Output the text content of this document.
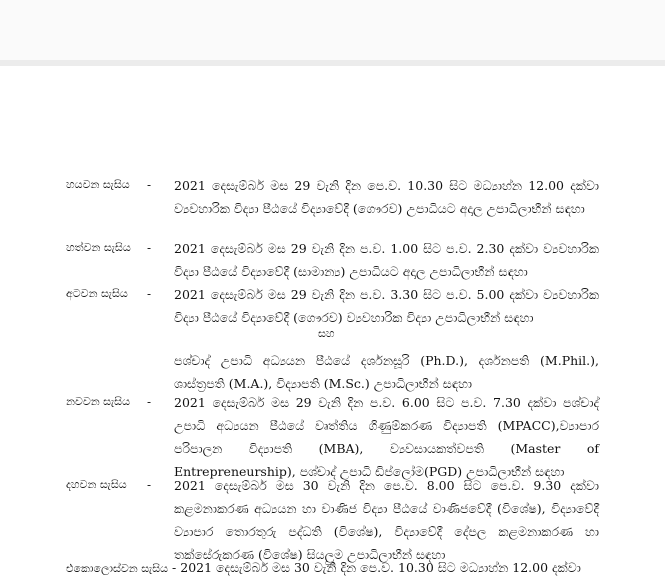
හයවන සැසිය - 2021 දෙසැම්බර් මස 29 වැනි දින පෙ.ව. 10.30 සිට මධ්‍යාහ්න 12.00 දක්වා ව්‍යවහාරික විද්‍යා පීඨයේ විද්‍යාවේදී (ගෞරව) උපාධියට අදාල උපාධිලාභීන් සඳහා
හත්වන සැසිය - 2021 දෙසැම්බර් මස 29 වැනි දින ප.ව. 1.00 සිට ප.ව. 2.30 දක්වා ව්‍යවහාරික විද්‍යා පීඨයේ විද්‍යාවේදී (සාමාන්‍ය) උපාධියට අදාල උපාධිලාභීන් සඳහා
අටවන සැසිය - 2021 දෙසැම්බර් මස 29 වැනි දින ප.ව. 3.30 සිට ප.ව. 5.00 දක්වා ව්‍යවහාරික විද්‍යා පීඨයේ විද්‍යාවේදී (ගෞරව) ව්‍යවහාරික විද්‍යා උපාධිලාභීන් සඳහා
සහ
පශ්චාද් උපාධි අධ්‍යයන පීඨයේ දර්ශනසූරි (Ph.D.), දර්ශනපති (M.Phil.), ශාස්ත්‍රපති (M.A.), විද්‍යාපති (M.Sc.) උපාධිලාභීන් සඳහා
නවවන සැසිය - 2021 දෙසැම්බර් මස 29 වැනි දින ප.ව. 6.00 සිට ප.ව. 7.30 දක්වා පශ්චාද් උපාධි අධ්‍යයන පීඨයේ වෘත්තිය ගිණුම්කරණ විද්‍යාපති (MPACC),ව්‍යාපාර පරිපාලන විද්‍යාපති (MBA), ව්‍යවසායකත්වපති (Master of Entrepreneurship), පශ්චාද් උපාධි ඩිප්ලෝම(PGD) උපාධිලාභීන් සඳහා
දහවන සැසිය - 2021 දෙසැම්බර් මස 30 වැනි දින පෙ.ව. 8.00 සිට පෙ.ව. 9.30 දක්වා කළමනාකරණ අධ්‍යයන හා වාණිජ විද්‍යා පීඨයේ වාණිජවේදී (විශේෂ), විද්‍යාවේදී ව්‍යාපාර තොරතුරු පද්ධති (විශේෂ), විද්‍යාවේදී දේපල කළමනාකරණ හා තක්සේරුකරණ (විශේෂ) සියලුම උපාධිලාභීන් සඳහා
එකොලොස්වන සැසිය - 2021 දෙසැම්බර් මස 30 වැනි දින පෙ.ව. 10.30 සිට මධ්‍යාහ්න 12.00 දක්වා
